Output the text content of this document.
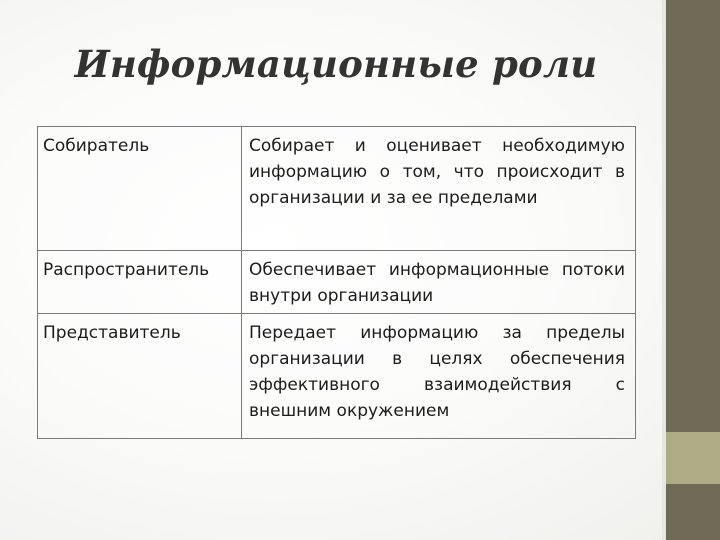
Информационные роли
Собиратель	Собирает и оценивает необходимую информацию о том, что происходит в организации и за ее пределами
Распространитель	Обеспечивает информационные потоки внутри организации
Представитель	Передает информацию за пределы организации в целях обеспечения эффективного взаимодействия с внешним окружением
